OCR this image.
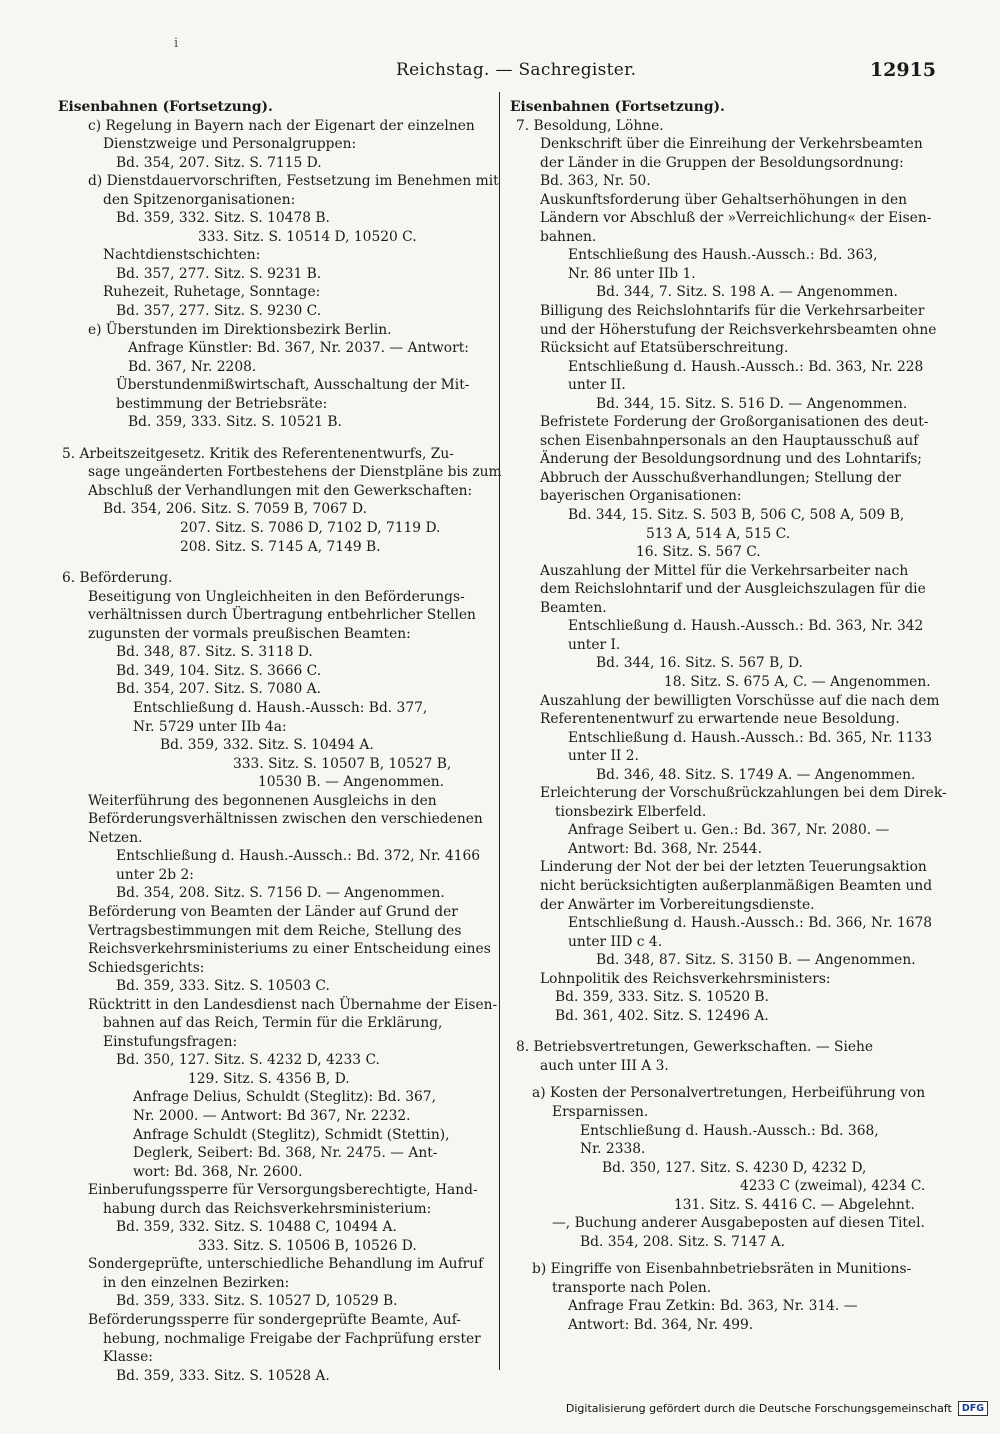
i
Reichstag. — Sachregister.	12915
Eisenbahnen (Fortsetzung).
c) Regelung in Bayern nach der Eigenart der einzelnen
Dienstzweige und Personalgruppen:
Bd. 354, 207. Sitz. S. 7115 D.
d) Dienstdauervorschriften, Festsetzung im Benehmen mit
den Spitzenorganisationen:
Bd. 359, 332. Sitz. S. 10478 B.
333. Sitz. S. 10514 D, 10520 C.
Nachtdienstschichten:
Bd. 357, 277. Sitz. S. 9231 B.
Ruhezeit, Ruhetage, Sonntage:
Bd. 357, 277. Sitz. S. 9230 C.
e) Überstunden im Direktionsbezirk Berlin.
Anfrage Künstler: Bd. 367, Nr. 2037. — Antwort:
Bd. 367, Nr. 2208.
Überstundenmißwirtschaft, Ausschaltung der Mit-
bestimmung der Betriebsräte:
Bd. 359, 333. Sitz. S. 10521 B.
5. Arbeitszeitgesetz. Kritik des Referentenentwurfs, Zu-
sage ungeänderten Fortbestehens der Dienstpläne bis zum
Abschluß der Verhandlungen mit den Gewerkschaften:
Bd. 354, 206. Sitz. S. 7059 B, 7067 D.
207. Sitz. S. 7086 D, 7102 D, 7119 D.
208. Sitz. S. 7145 A, 7149 B.
6. Beförderung.
Beseitigung von Ungleichheiten in den Beförderungs-
verhältnissen durch Übertragung entbehrlicher Stellen
zugunsten der vormals preußischen Beamten:
Bd. 348, 87. Sitz. S. 3118 D.
Bd. 349, 104. Sitz. S. 3666 C.
Bd. 354, 207. Sitz. S. 7080 A.
Entschließung d. Haush.-Aussch: Bd. 377,
Nr. 5729 unter IIb 4a:
Bd. 359, 332. Sitz. S. 10494 A.
333. Sitz. S. 10507 B, 10527 B,
10530 B. — Angenommen.
Weiterführung des begonnenen Ausgleichs in den
Beförderungsverhältnissen zwischen den verschiedenen
Netzen.
Entschließung d. Haush.-Aussch.: Bd. 372, Nr. 4166
unter 2b 2:
Bd. 354, 208. Sitz. S. 7156 D. — Angenommen.
Beförderung von Beamten der Länder auf Grund der
Vertragsbestimmungen mit dem Reiche, Stellung des
Reichsverkehrsministeriums zu einer Entscheidung eines
Schiedsgerichts:
Bd. 359, 333. Sitz. S. 10503 C.
Rücktritt in den Landesdienst nach Übernahme der Eisen-
bahnen auf das Reich, Termin für die Erklärung,
Einstufungsfragen:
Bd. 350, 127. Sitz. S. 4232 D, 4233 C.
129. Sitz. S. 4356 B, D.
Anfrage Delius, Schuldt (Steglitz): Bd. 367,
Nr. 2000. — Antwort: Bd 367, Nr. 2232.
Anfrage Schuldt (Steglitz), Schmidt (Stettin),
Deglerk, Seibert: Bd. 368, Nr. 2475. — Ant-
wort: Bd. 368, Nr. 2600.
Einberufungssperre für Versorgungsberechtigte, Hand-
habung durch das Reichsverkehrsministerium:
Bd. 359, 332. Sitz. S. 10488 C, 10494 A.
333. Sitz. S. 10506 B, 10526 D.
Sondergeprüfte, unterschiedliche Behandlung im Aufruf
in den einzelnen Bezirken:
Bd. 359, 333. Sitz. S. 10527 D, 10529 B.
Beförderungssperre für sondergeprüfte Beamte, Auf-
hebung, nochmalige Freigabe der Fachprüfung erster
Klasse:
Bd. 359, 333. Sitz. S. 10528 A.
Eisenbahnen (Fortsetzung).
7. Besoldung, Löhne.
Denkschrift über die Einreihung der Verkehrsbeamten
der Länder in die Gruppen der Besoldungsordnung:
Bd. 363, Nr. 50.
Auskunftsforderung über Gehaltserhöhungen in den
Ländern vor Abschluß der »Verreichlichung« der Eisen-
bahnen.
Entschließung des Haush.-Aussch.: Bd. 363,
Nr. 86 unter IIb 1.
Bd. 344, 7. Sitz. S. 198 A. — Angenommen.
Billigung des Reichslohntarifs für die Verkehrsarbeiter
und der Höherstufung der Reichsverkehrsbeamten ohne
Rücksicht auf Etatsüberschreitung.
Entschließung d. Haush.-Aussch.: Bd. 363, Nr. 228
unter II.
Bd. 344, 15. Sitz. S. 516 D. — Angenommen.
Befristete Forderung der Großorganisationen des deut-
schen Eisenbahnpersonals an den Hauptausschuß auf
Änderung der Besoldungsordnung und des Lohntarifs;
Abbruch der Ausschußverhandlungen; Stellung der
bayerischen Organisationen:
Bd. 344, 15. Sitz. S. 503 B, 506 C, 508 A, 509 B,
513 A, 514 A, 515 C.
16. Sitz. S. 567 C.
Auszahlung der Mittel für die Verkehrsarbeiter nach
dem Reichslohntarif und der Ausgleichszulagen für die
Beamten.
Entschließung d. Haush.-Aussch.: Bd. 363, Nr. 342
unter I.
Bd. 344, 16. Sitz. S. 567 B, D.
18. Sitz. S. 675 A, C. — Angenommen.
Auszahlung der bewilligten Vorschüsse auf die nach dem
Referentenentwurf zu erwartende neue Besoldung.
Entschließung d. Haush.-Aussch.: Bd. 365, Nr. 1133
unter II 2.
Bd. 346, 48. Sitz. S. 1749 A. — Angenommen.
Erleichterung der Vorschußrückzahlungen bei dem Direk-
tionsbezirk Elberfeld.
Anfrage Seibert u. Gen.: Bd. 367, Nr. 2080. —
Antwort: Bd. 368, Nr. 2544.
Linderung der Not der bei der letzten Teuerungsaktion
nicht berücksichtigten außerplanmäßigen Beamten und
der Anwärter im Vorbereitungsdienste.
Entschließung d. Haush.-Aussch.: Bd. 366, Nr. 1678
unter IID c 4.
Bd. 348, 87. Sitz. S. 3150 B. — Angenommen.
Lohnpolitik des Reichsverkehrsministers:
Bd. 359, 333. Sitz. S. 10520 B.
Bd. 361, 402. Sitz. S. 12496 A.
8. Betriebsvertretungen, Gewerkschaften. — Siehe
auch unter III A 3.
a) Kosten der Personalvertretungen, Herbeiführung von
Ersparnissen.
Entschließung d. Haush.-Aussch.: Bd. 368,
Nr. 2338.
Bd. 350, 127. Sitz. S. 4230 D, 4232 D,
4233 C (zweimal), 4234 C.
131. Sitz. S. 4416 C. — Abgelehnt.
—, Buchung anderer Ausgabeposten auf diesen Titel.
Bd. 354, 208. Sitz. S. 7147 A.
b) Eingriffe von Eisenbahnbetriebsräten in Munitions-
transporte nach Polen.
Anfrage Frau Zetkin: Bd. 363, Nr. 314. —
Antwort: Bd. 364, Nr. 499.
Digitalisierung gefördert durch die Deutsche Forschungsgemeinschaft	DFG
